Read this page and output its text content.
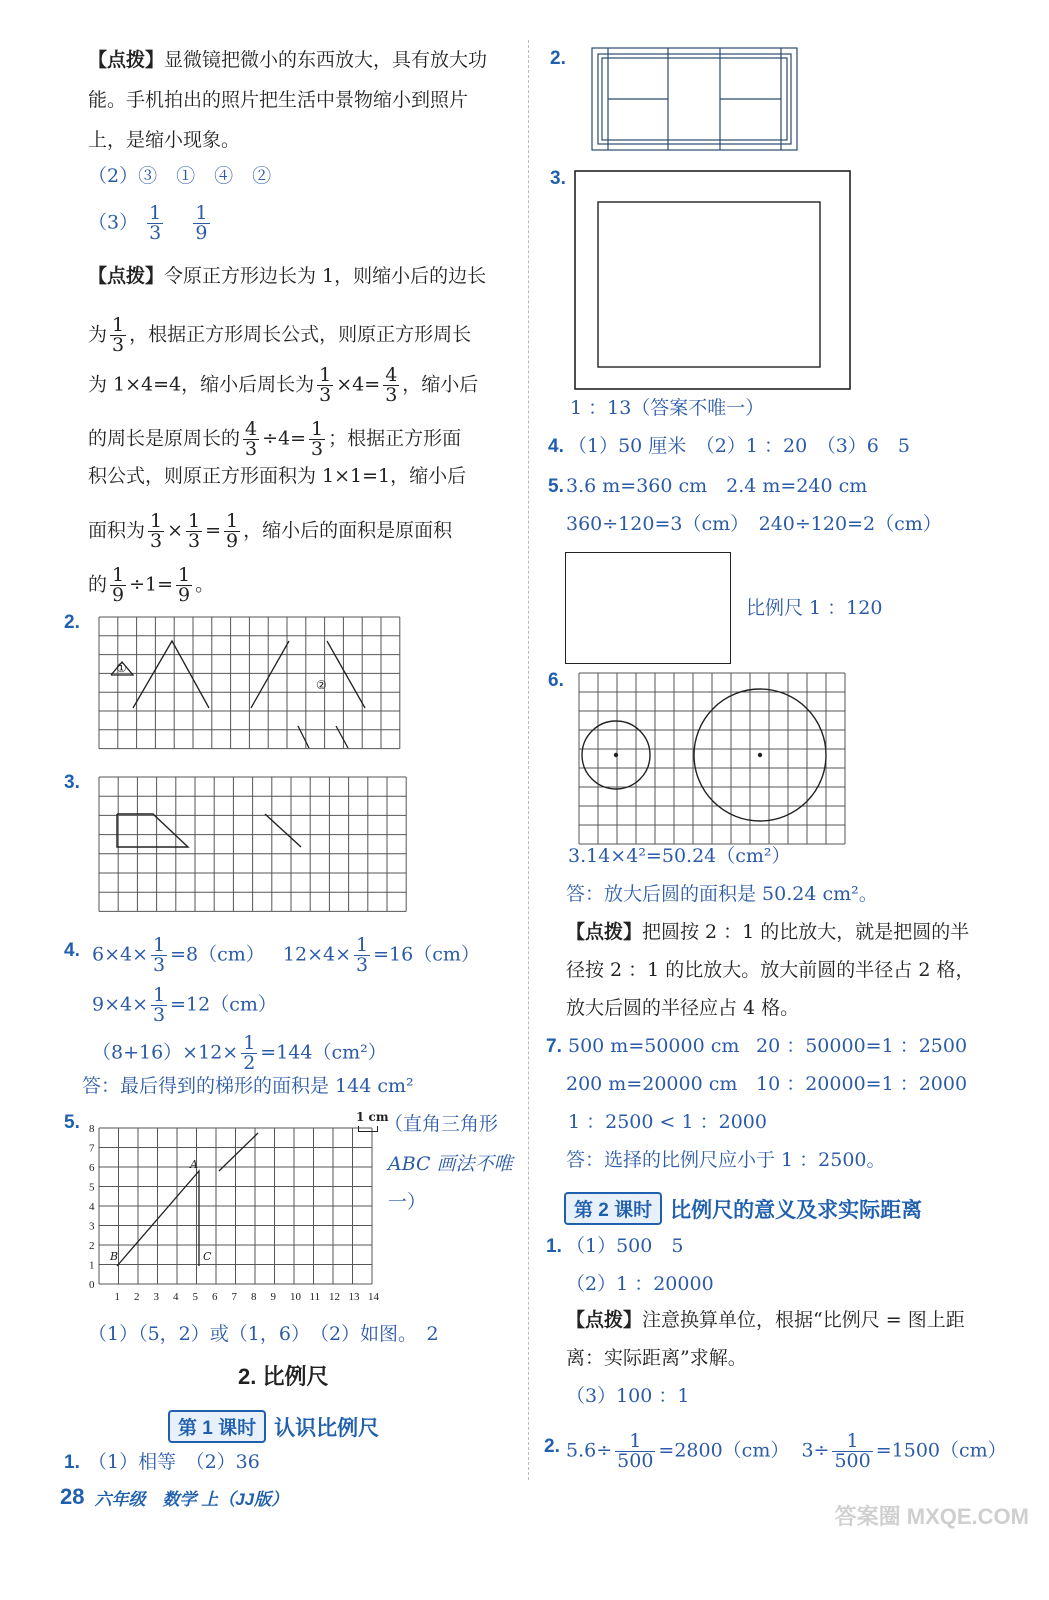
【点拨】显微镜把微小的东西放大，具有放大功
能。手机拍出的照片把生活中景物缩小到照片
上，是缩小现象。
（2）③　①　④　②
$(3) \frac{1}{3}$
$\frac{1}{9}$
【点拨】令原正方形边长为 1，则缩小后的边长
为 $\frac{1}{3}$ ，根据正方形周长公式，则原正方形周长
为 1×4=4，缩小后周长为 $\frac{1}{3} \times 4= \frac{4}{3}$ ，缩小后
的周长是原周长的 $\frac{4}{3} \div 4= \frac{1}{3}$ ；根据正方形面
积公式，则原正方形面积为 1×1=1，缩小后
面积为 $\frac{1}{3} \times \frac{1}{3} = \frac{1}{9}$ ，缩小后的面积是原面积
的 $\frac{1}{9} \div 1= \frac{1}{9}$ 。
2.
①
②
3.
4. $6\times 4\times \frac{1}{3} =8(cm)$ $12\times 4\times \frac{1}{3} =16(cm)$
$9\times 4\times \frac{1}{3} =12(cm)$
$(8+16)\times 12\times \frac{1}{2} =144(cm^2)$
答：最后得到的梯形的面积是 144 cm²
5.
0
1
2
3
4
5
6
7
8
1 2 3 4 5 6 7 8 9 10 11 12 13 14
A
B	C
1 cm
（直角三角形
ABC 画法不唯
一）
（1）（5，2）或（1，6）　（2）如图。　2
2. 比例尺
第 1 课时 认识比例尺
1. （1）相等　（2）36
2.
3.
1 ：13（答案不唯一）
4. （1）50 厘米　（2）1 ：20　（3）6　5
5. 3.6 m=360 cm　2.4 m=240 cm
360÷120=3（cm）　240÷120=2（cm）
比例尺 1 ：120
6.
3.14×4²=50.24（cm²）
答：放大后圆的面积是 50.24 cm²。
【点拨】把圆按 2 ：1 的比放大，就是把圆的半
径按 2 ：1 的比放大。放大前圆的半径占 2 格，
放大后圆的半径应占 4 格。
7. 500 m=50000 cm 20 ：50000=1 ：2500
200 m=20000 cm 10 ：20000=1 ：2000
1 ：2500 < 1 ：2000
答：选择的比例尺应小于 1 ：2500。
第 2 课时 比例尺的意义及求实际距离
1. （1）500　5
（2）1 ：20000
【点拨】注意换算单位，根据“比例尺 = 图上距
离：实际距离”求解。
（3）100 ：1
2. $5.6\div \frac{1}{500} =2800(cm)$ $3\div \frac{1}{500} =1500(cm)$
28 六年级　数学 上（JJ版）
答案圈 MXQE.COM
